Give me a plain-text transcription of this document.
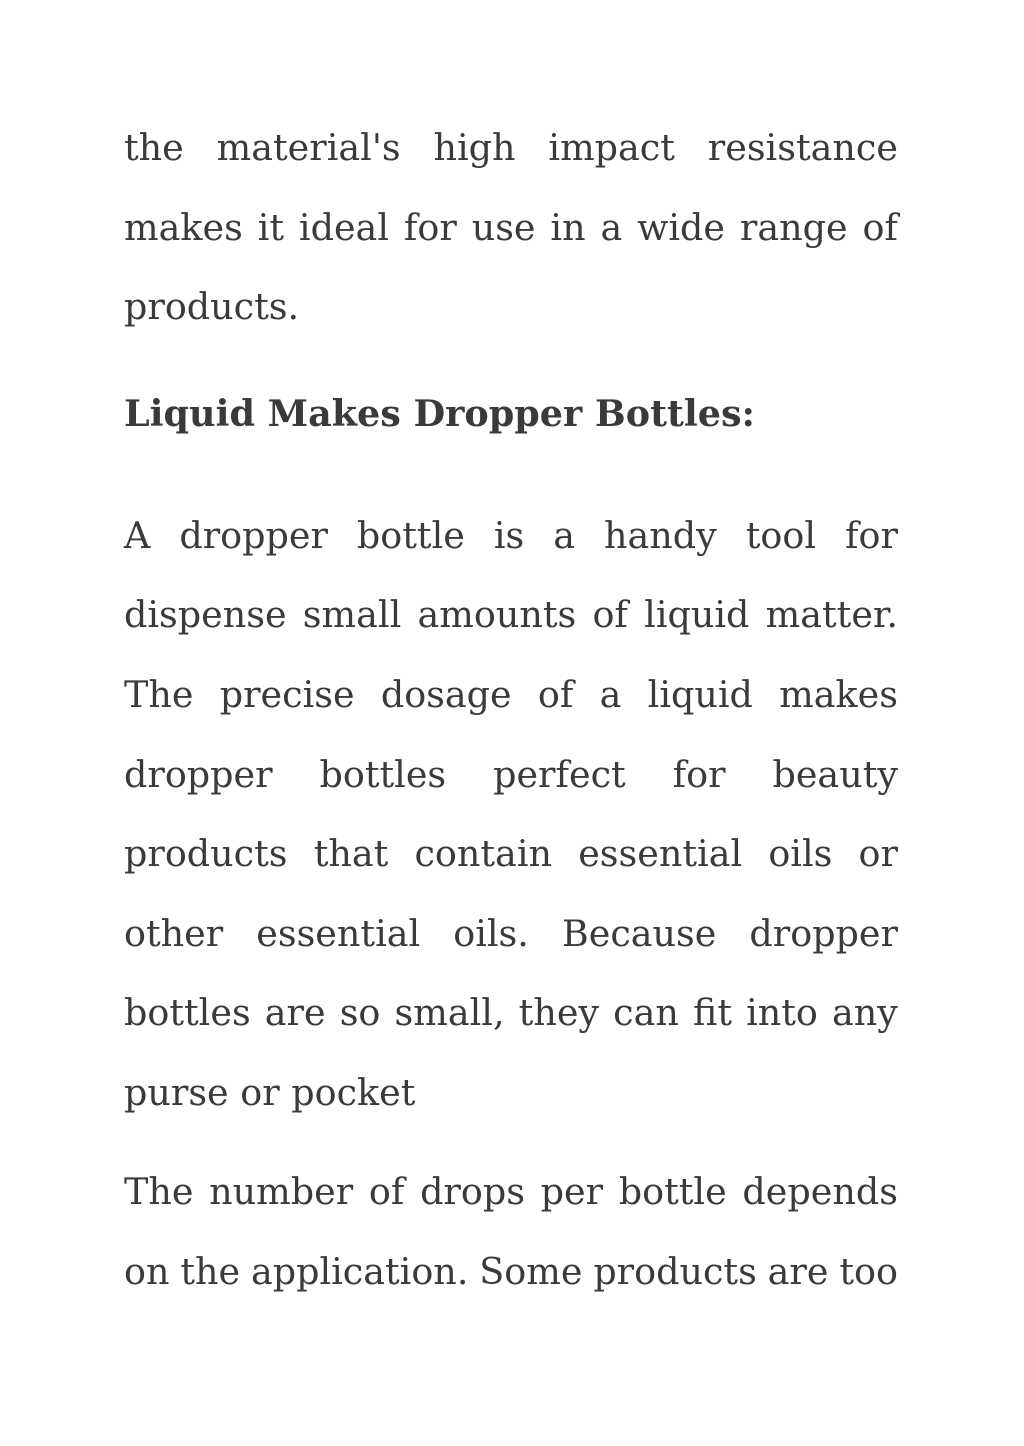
the material's high impact resistance
makes it ideal for use in a wide range of
products.
Liquid Makes Dropper Bottles:
A dropper bottle is a handy tool for
dispense small amounts of liquid matter.
The precise dosage of a liquid makes
dropper bottles perfect for beauty
products that contain essential oils or
other essential oils. Because dropper
bottles are so small, they can fit into any
purse or pocket
The number of drops per bottle depends
on the application. Some products are too
